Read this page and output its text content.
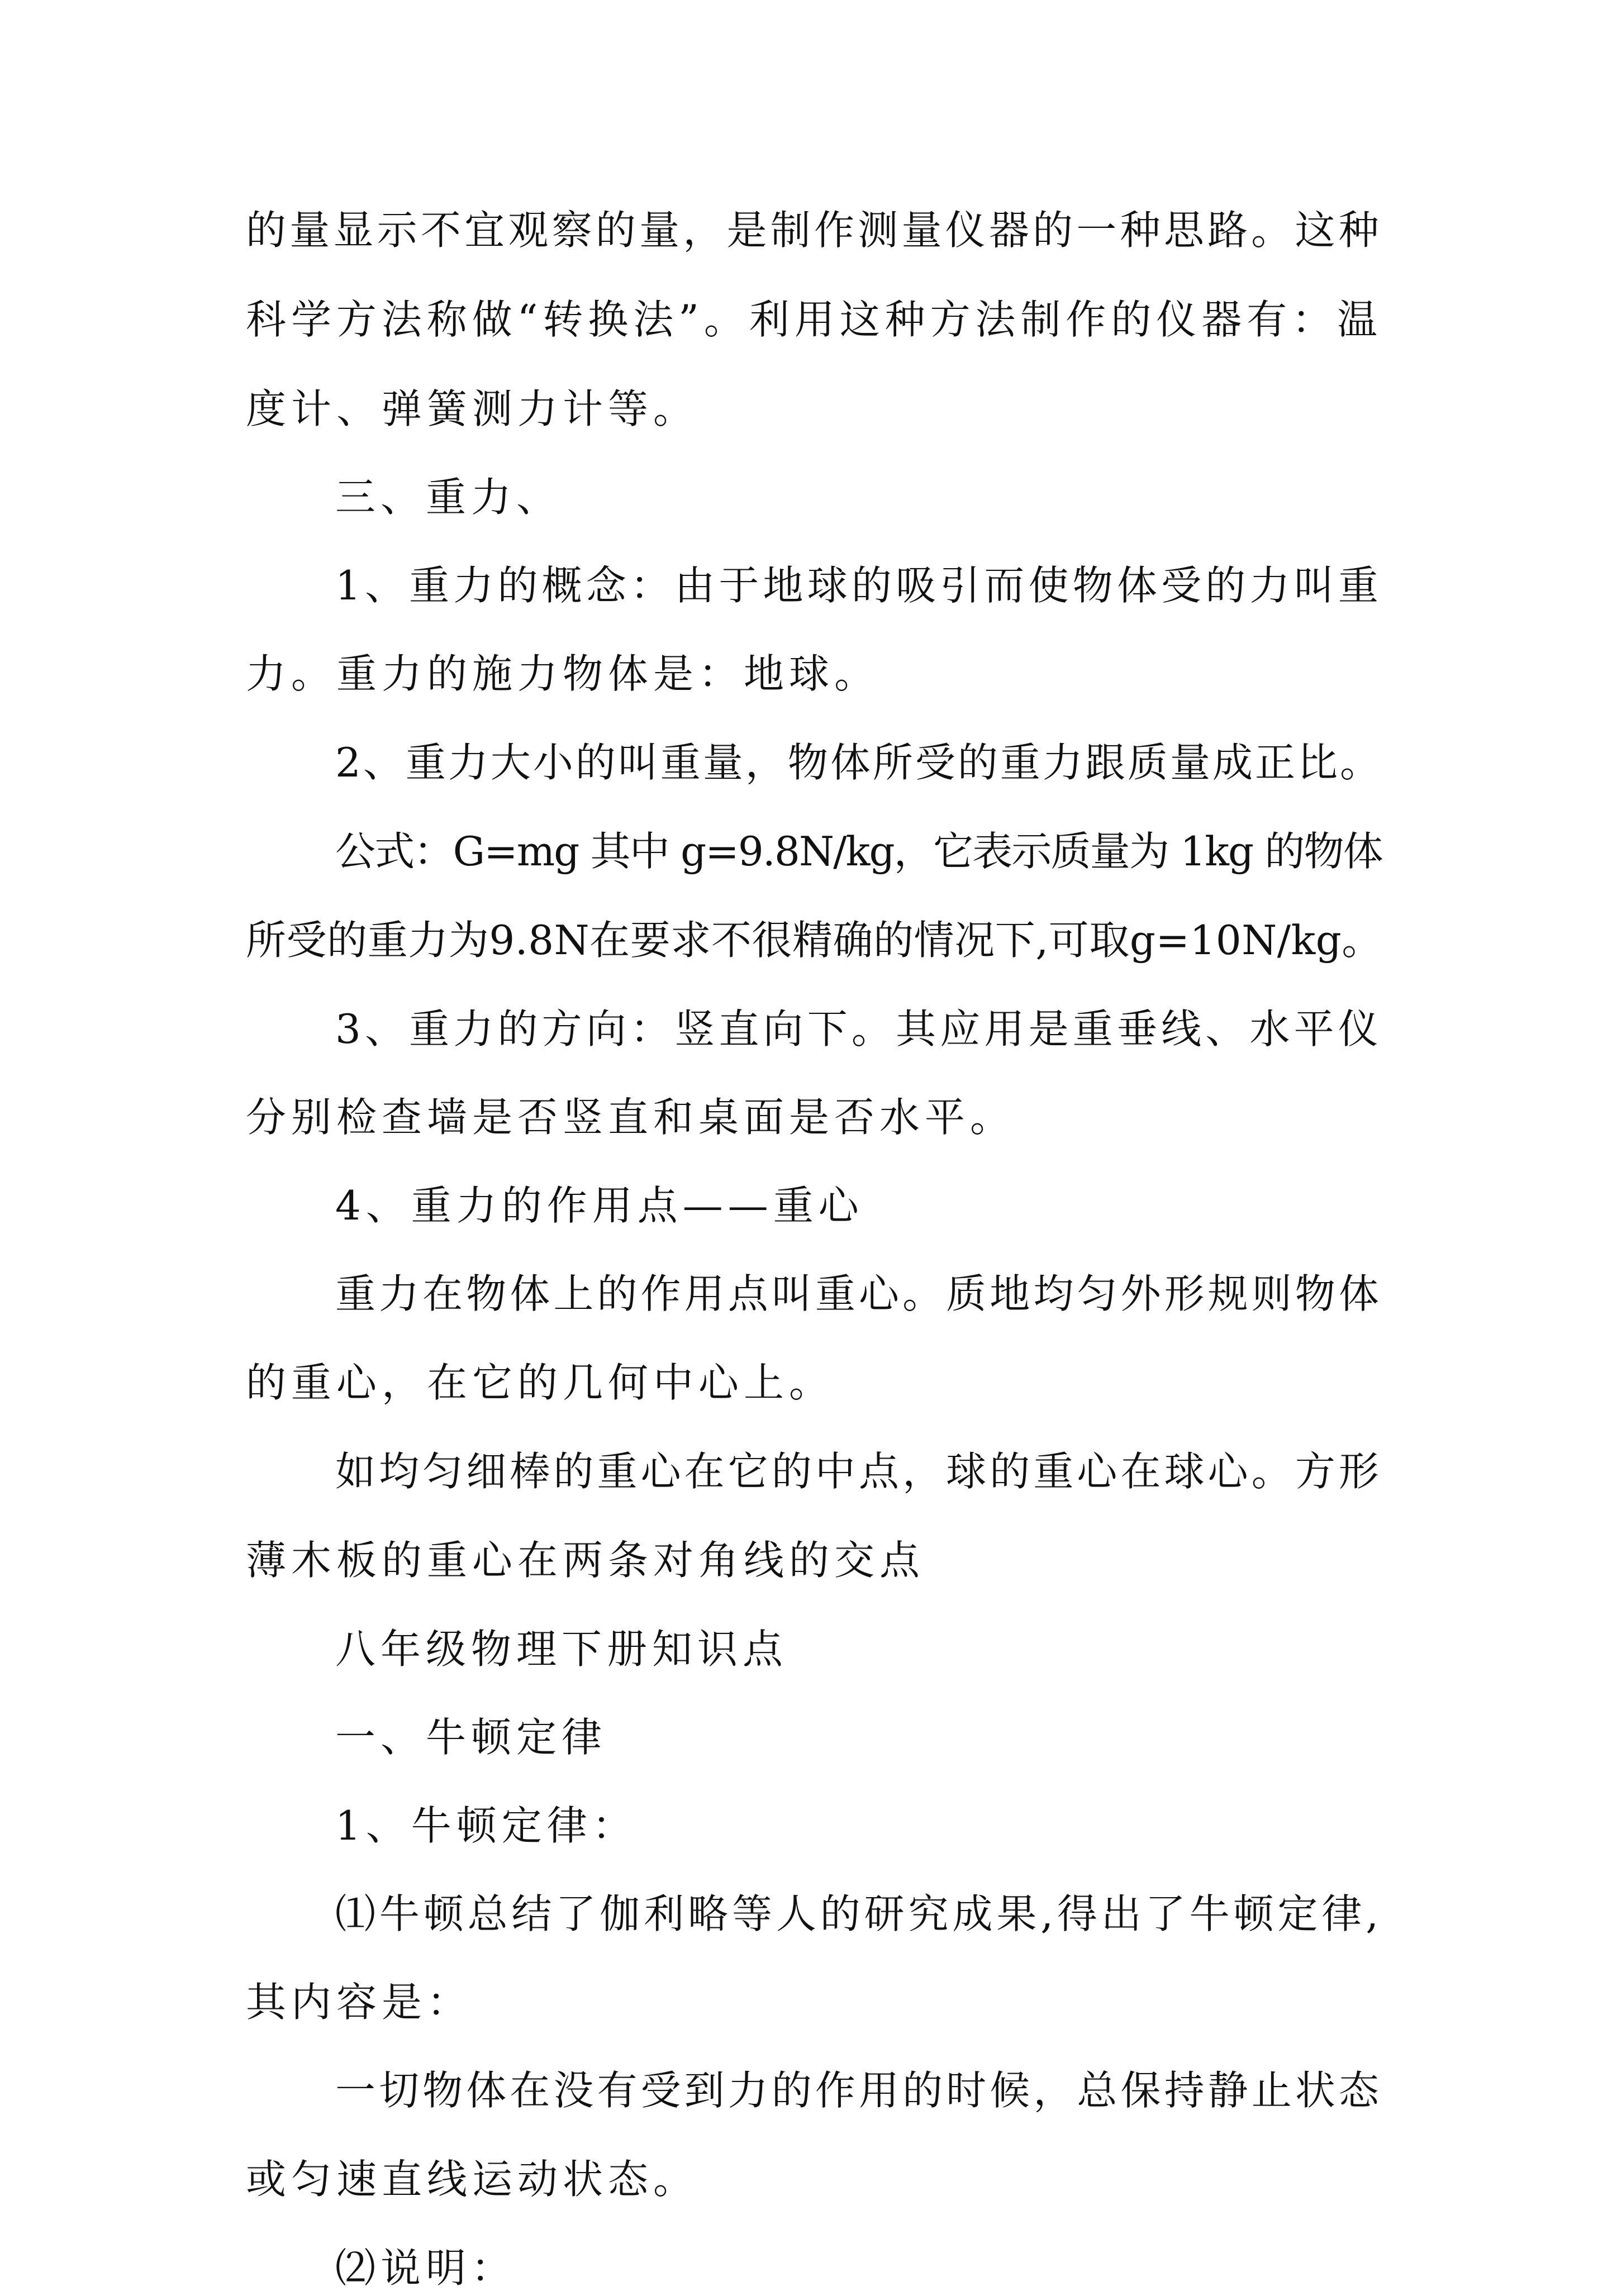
的量显示不宜观察的量，是制作测量仪器的一种思路。这种
科学方法称做“转换法”。利用这种方法制作的仪器有：温
度计、弹簧测力计等。
三、重力、
1、重力的概念：由于地球的吸引而使物体受的力叫重
力。重力的施力物体是：地球。
2、重力大小的叫重量，物体所受的重力跟质量成正比。
公式：G=mg 其中 g=9.8N/kg，它表示质量为 1kg 的物体
所受的重力为9.8N在要求不很精确的情况下,可取g=10N/kg。
3、重力的方向：竖直向下。其应用是重垂线、水平仪
分别检查墙是否竖直和桌面是否水平。
4、重力的作用点——重心
重力在物体上的作用点叫重心。质地均匀外形规则物体
的重心，在它的几何中心上。
如均匀细棒的重心在它的中点，球的重心在球心。方形
薄木板的重心在两条对角线的交点
八年级物理下册知识点
一、牛顿定律
1、牛顿定律：
⑴牛顿总结了伽利略等人的研究成果,得出了牛顿定律,
其内容是：
一切物体在没有受到力的作用的时候，总保持静止状态
或匀速直线运动状态。
⑵说明：
